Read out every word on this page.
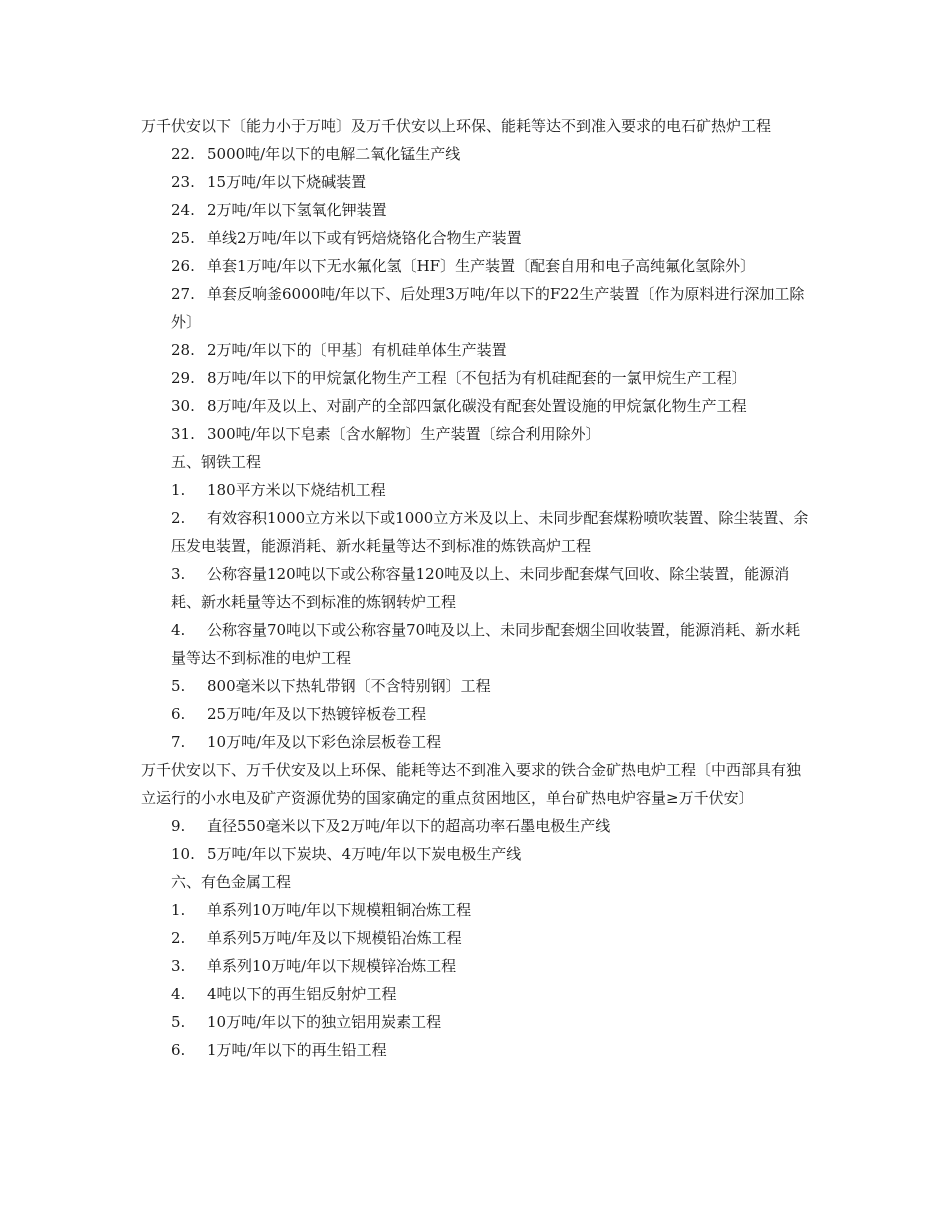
万千伏安以下〔能力小于万吨〕及万千伏安以上环保、能耗等达不到准入要求的电石矿热炉工程
22. 5000吨/年以下的电解二氧化锰生产线
23. 15万吨/年以下烧碱装置
24. 2万吨/年以下氢氧化钾装置
25. 单线2万吨/年以下或有钙焙烧铬化合物生产装置
26. 单套1万吨/年以下无水氟化氢〔HF〕生产装置〔配套自用和电子高纯氟化氢除外〕
27. 单套反响釜6000吨/年以下、后处理3万吨/年以下的F22生产装置〔作为原料进行深加工除外〕
28. 2万吨/年以下的〔甲基〕有机硅单体生产装置
29. 8万吨/年以下的甲烷氯化物生产工程〔不包括为有机硅配套的一氯甲烷生产工程〕
30. 8万吨/年及以上、对副产的全部四氯化碳没有配套处置设施的甲烷氯化物生产工程
31. 300吨/年以下皂素〔含水解物〕生产装置〔综合利用除外〕
五、钢铁工程
1. 180平方米以下烧结机工程
2. 有效容积1000立方米以下或1000立方米及以上、未同步配套煤粉喷吹装置、除尘装置、余压发电装置，能源消耗、新水耗量等达不到标准的炼铁高炉工程
3. 公称容量120吨以下或公称容量120吨及以上、未同步配套煤气回收、除尘装置，能源消耗、新水耗量等达不到标准的炼钢转炉工程
4. 公称容量70吨以下或公称容量70吨及以上、未同步配套烟尘回收装置，能源消耗、新水耗量等达不到标准的电炉工程
5. 800毫米以下热轧带钢〔不含特别钢〕工程
6. 25万吨/年及以下热镀锌板卷工程
7. 10万吨/年及以下彩色涂层板卷工程
万千伏安以下、万千伏安及以上环保、能耗等达不到准入要求的铁合金矿热电炉工程〔中西部具有独立运行的小水电及矿产资源优势的国家确定的重点贫困地区，单台矿热电炉容量≥万千伏安〕
9. 直径550毫米以下及2万吨/年以下的超高功率石墨电极生产线
10. 5万吨/年以下炭块、4万吨/年以下炭电极生产线
六、有色金属工程
1. 单系列10万吨/年以下规模粗铜冶炼工程
2. 单系列5万吨/年及以下规模铅冶炼工程
3. 单系列10万吨/年以下规模锌冶炼工程
4. 4吨以下的再生铝反射炉工程
5. 10万吨/年以下的独立铝用炭素工程
6. 1万吨/年以下的再生铅工程
